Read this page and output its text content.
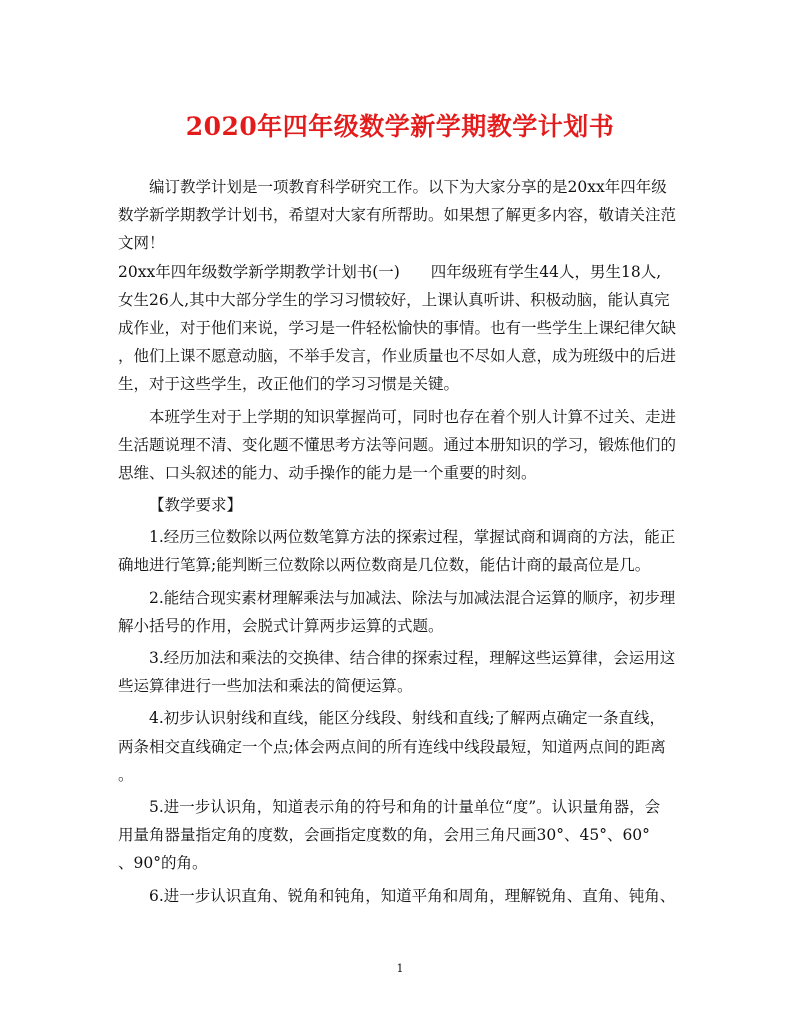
2020年四年级数学新学期教学计划书
编订教学计划是一项教育科学研究工作。以下为大家分享的是20xx年四年级
数学新学期教学计划书，希望对大家有所帮助。如果想了解更多内容，敬请关注范
文网！
20xx年四年级数学新学期教学计划书(一)　　四年级班有学生44人，男生18人,
女生26人,其中大部分学生的学习习惯较好，上课认真听讲、积极动脑，能认真完
成作业，对于他们来说，学习是一件轻松愉快的事情。也有一些学生上课纪律欠缺
，他们上课不愿意动脑，不举手发言，作业质量也不尽如人意，成为班级中的后进
生，对于这些学生，改正他们的学习习惯是关键。
本班学生对于上学期的知识掌握尚可，同时也存在着个别人计算不过关、走进
生活题说理不清、变化题不懂思考方法等问题。通过本册知识的学习，锻炼他们的
思维、口头叙述的能力、动手操作的能力是一个重要的时刻。
【教学要求】
1.经历三位数除以两位数笔算方法的探索过程，掌握试商和调商的方法，能正
确地进行笔算;能判断三位数除以两位数商是几位数，能估计商的最高位是几。
2.能结合现实素材理解乘法与加减法、除法与加减法混合运算的顺序，初步理
解小括号的作用，会脱式计算两步运算的式题。
3.经历加法和乘法的交换律、结合律的探索过程，理解这些运算律，会运用这
些运算律进行一些加法和乘法的简便运算。
4.初步认识射线和直线，能区分线段、射线和直线;了解两点确定一条直线，
两条相交直线确定一个点;体会两点间的所有连线中线段最短，知道两点间的距离
。
5.进一步认识角，知道表示角的符号和角的计量单位“度”。认识量角器，会
用量角器量指定角的度数，会画指定度数的角，会用三角尺画30°、45°、60°
、90°的角。
6.进一步认识直角、锐角和钝角，知道平角和周角，理解锐角、直角、钝角、
1
